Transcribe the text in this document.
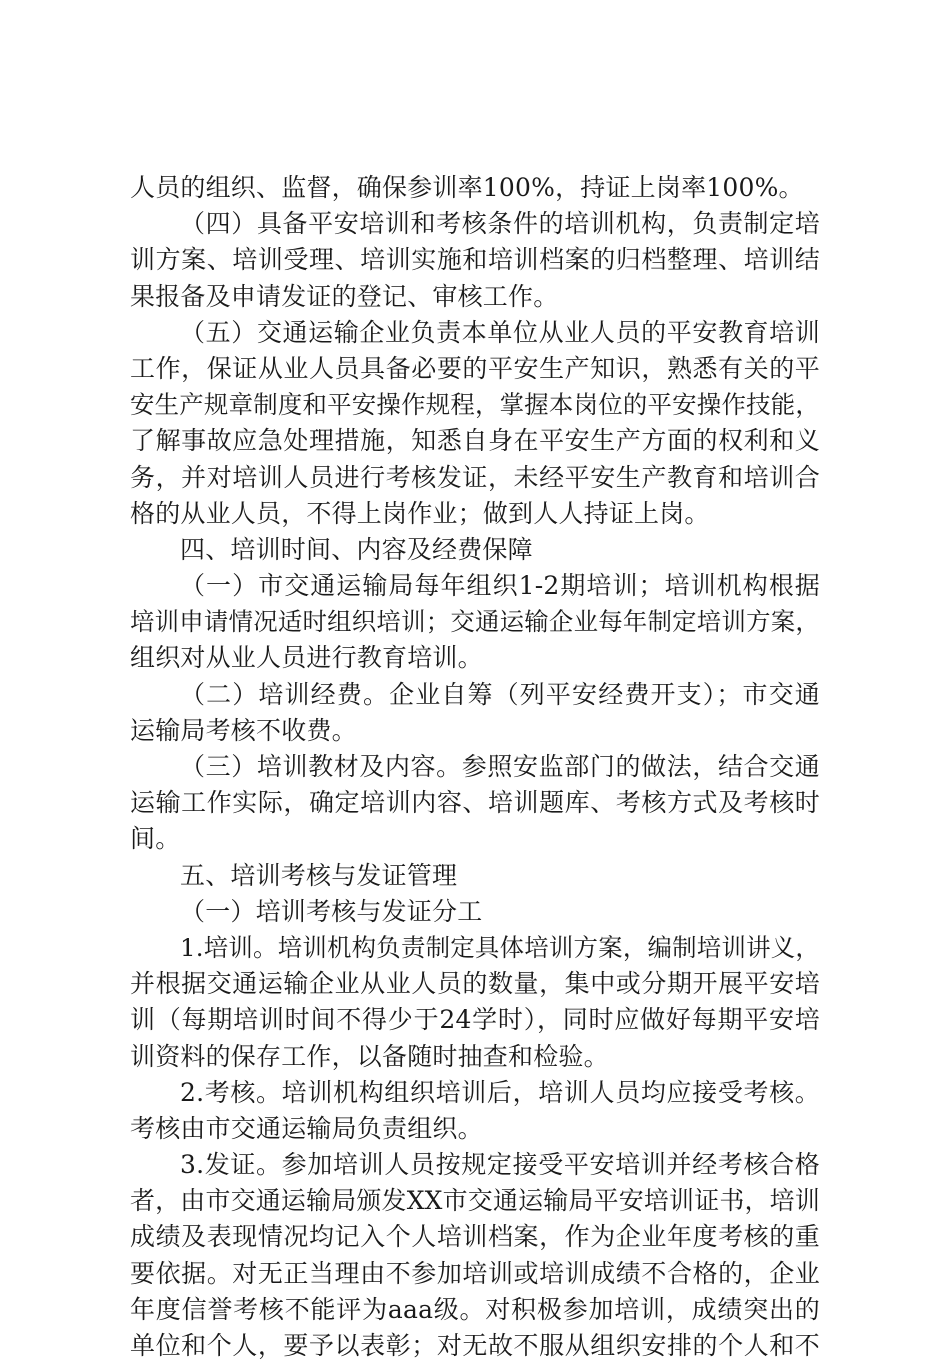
人员的组织、监督，确保参训率100%，持证上岗率100%。
（四）具备平安培训和考核条件的培训机构，负责制定培
训方案、培训受理、培训实施和培训档案的归档整理、培训结
果报备及申请发证的登记、审核工作。
（五）交通运输企业负责本单位从业人员的平安教育培训
工作，保证从业人员具备必要的平安生产知识，熟悉有关的平
安生产规章制度和平安操作规程，掌握本岗位的平安操作技能，
了解事故应急处理措施，知悉自身在平安生产方面的权利和义
务，并对培训人员进行考核发证，未经平安生产教育和培训合
格的从业人员，不得上岗作业；做到人人持证上岗。
四、培训时间、内容及经费保障
（一）市交通运输局每年组织1-2期培训；培训机构根据
培训申请情况适时组织培训；交通运输企业每年制定培训方案，
组织对从业人员进行教育培训。
（二）培训经费。企业自筹（列平安经费开支）；市交通
运输局考核不收费。
（三）培训教材及内容。参照安监部门的做法，结合交通
运输工作实际，确定培训内容、培训题库、考核方式及考核时
间。
五、培训考核与发证管理
（一）培训考核与发证分工
1.培训。培训机构负责制定具体培训方案，编制培训讲义，
并根据交通运输企业从业人员的数量，集中或分期开展平安培
训（每期培训时间不得少于24学时），同时应做好每期平安培
训资料的保存工作，以备随时抽查和检验。
2.考核。培训机构组织培训后，培训人员均应接受考核。
考核由市交通运输局负责组织。
3.发证。参加培训人员按规定接受平安培训并经考核合格
者，由市交通运输局颁发XX市交通运输局平安培训证书，培训
成绩及表现情况均记入个人培训档案，作为企业年度考核的重
要依据。对无正当理由不参加培训或培训成绩不合格的，企业
年度信誉考核不能评为aaa级。对积极参加培训，成绩突出的
单位和个人，要予以表彰；对无故不服从组织安排的个人和不
